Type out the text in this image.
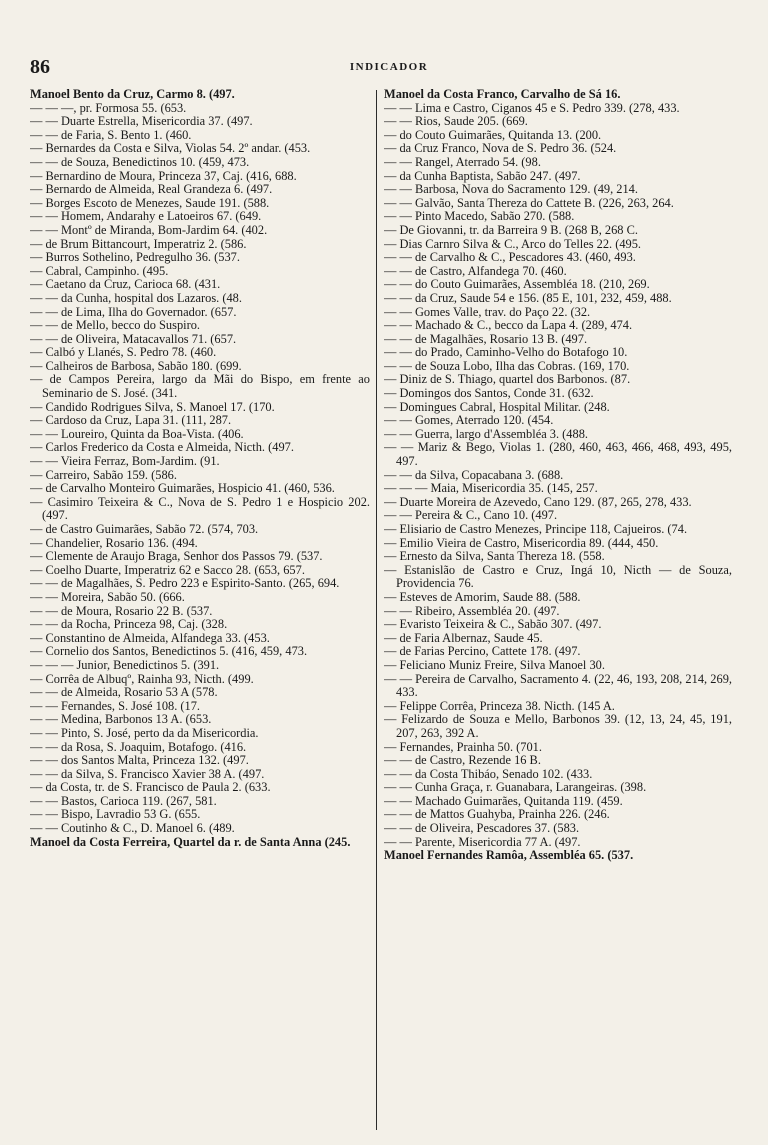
86	INDICADOR

Manoel Bento da Cruz, Carmo 8. (497.

— — —, pr. Formosa 55. (653.

— — Duarte Estrella, Misericordia 37. (497.

— — de Faria, S. Bento 1. (460.

— Bernardes da Costa e Silva, Violas 54. 2º andar. (453.

— — de Souza, Benedictinos 10. (459, 473.

— Bernardino de Moura, Princeza 37, Caj. (416, 688.

— Bernardo de Almeida, Real Grandeza 6. (497.

— Borges Escoto de Menezes, Saude 191. (588.

— — Homem, Andarahy e Latoeiros 67. (649.

— — Montº de Miranda, Bom-Jardim 64. (402.

— de Brum Bittancourt, Imperatriz 2. (586.

— Burros Sothelino, Pedregulho 36. (537.

— Cabral, Campinho. (495.

— Caetano da Cruz, Carioca 68. (431.

— — da Cunha, hospital dos Lazaros. (48.

— — de Lima, Ilha do Governador. (657.

— — de Mello, becco do Suspiro.

— — de Oliveira, Matacavallos 71. (657.

— Calbó y Llanés, S. Pedro 78. (460.

— Calheiros de Barbosa, Sabão 180. (699.

— de Campos Pereira, largo da Mãi do Bispo, em frente ao Seminario de S. José. (341.

— Candido Rodrigues Silva, S. Manoel 17. (170.

— Cardoso da Cruz, Lapa 31. (111, 287.

— — Loureiro, Quinta da Boa-Vista. (406.

— Carlos Frederico da Costa e Almeida, Nicth. (497.

— — Vieira Ferraz, Bom-Jardim. (91.

— Carreiro, Sabão 159. (586.

— de Carvalho Monteiro Guimarães, Hospicio 41. (460, 536.

— Casimiro Teixeira & C., Nova de S. Pedro 1 e Hospicio 202. (497.

— de Castro Guimarães, Sabão 72. (574, 703.

— Chandelier, Rosario 136. (494.

— Clemente de Araujo Braga, Senhor dos Passos 79. (537.

— Coelho Duarte, Imperatriz 62 e Sacco 28. (653, 657.

— — de Magalhães, S. Pedro 223 e Espirito-Santo. (265, 694.

— — Moreira, Sabão 50. (666.

— — de Moura, Rosario 22 B. (537.

— — da Rocha, Princeza 98, Caj. (328.

— Constantino de Almeida, Alfandega 33. (453.

— Cornelio dos Santos, Benedictinos 5. (416, 459, 473.

— — — Junior, Benedictinos 5. (391.

— Corrêa de Albuqº, Rainha 93, Nicth. (499.

— — de Almeida, Rosario 53 A (578.

— — Fernandes, S. José 108. (17.

— — Medina, Barbonos 13 A. (653.

— — Pinto, S. José, perto da da Misericordia.

— — da Rosa, S. Joaquim, Botafogo. (416.

— — dos Santos Malta, Princeza 132. (497.

— — da Silva, S. Francisco Xavier 38 A. (497.

— da Costa, tr. de S. Francisco de Paula 2. (633.

— — Bastos, Carioca 119. (267, 581.

— — Bispo, Lavradio 53 G. (655.

— — Coutinho & C., D. Manoel 6. (489.

Manoel da Costa Ferreira, Quartel da r. de Santa Anna (245.

Manoel da Costa Franco, Carvalho de Sá 16.

— — Lima e Castro, Ciganos 45 e S. Pedro 339. (278, 433.

— — Rios, Saude 205. (669.

— do Couto Guimarães, Quitanda 13. (200.

— da Cruz Franco, Nova de S. Pedro 36. (524.

— — Rangel, Aterrado 54. (98.

— da Cunha Baptista, Sabão 247. (497.

— — Barbosa, Nova do Sacramento 129. (49, 214.

— — Galvão, Santa Thereza do Cattete B. (226, 263, 264.

— — Pinto Macedo, Sabão 270. (588.

— De Giovanni, tr. da Barreira 9 B. (268 B, 268 C.

— Dias Carnro Silva & C., Arco do Telles 22. (495.

— — de Carvalho & C., Pescadores 43. (460, 493.

— — de Castro, Alfandega 70. (460.

— — do Couto Guimarães, Assembléa 18. (210, 269.

— — da Cruz, Saude 54 e 156. (85 E, 101, 232, 459, 488.

— — Gomes Valle, trav. do Paço 22. (32.

— — Machado & C., becco da Lapa 4. (289, 474.

— — de Magalhães, Rosario 13 B. (497.

— — do Prado, Caminho-Velho do Botafogo 10.

— — de Souza Lobo, Ilha das Cobras. (169, 170.

— Diniz de S. Thiago, quartel dos Barbonos. (87.

— Domingos dos Santos, Conde 31. (632.

— Domingues Cabral, Hospital Militar. (248.

— — Gomes, Aterrado 120. (454.

— — Guerra, largo d'Assembléa 3. (488.

— — Mariz & Bego, Violas 1. (280, 460, 463, 466, 468, 493, 495, 497.

— — da Silva, Copacabana 3. (688.

— — — Maia, Misericordia 35. (145, 257.

— Duarte Moreira de Azevedo, Cano 129. (87, 265, 278, 433.

— — Pereira & C., Cano 10. (497.

— Elisiario de Castro Menezes, Principe 118, Cajueiros. (74.

— Emilio Vieira de Castro, Misericordia 89. (444, 450.

— Ernesto da Silva, Santa Thereza 18. (558.

— Estanislão de Castro e Cruz, Ingá 10, Nicth — de Souza, Providencia 76.

— Esteves de Amorim, Saude 88. (588.

— — Ribeiro, Assembléa 20. (497.

— Evaristo Teixeira & C., Sabão 307. (497.

— de Faria Albernaz, Saude 45.

— de Farias Percino, Cattete 178. (497.

— Feliciano Muniz Freire, Silva Manoel 30.

— — Pereira de Carvalho, Sacramento 4. (22, 46, 193, 208, 214, 269, 433.

— Felippe Corrêa, Princeza 38. Nicth. (145 A.

— Felizardo de Souza e Mello, Barbonos 39. (12, 13, 24, 45, 191, 207, 263, 392 A.

— Fernandes, Prainha 50. (701.

— — de Castro, Rezende 16 B.

— — da Costa Thibáo, Senado 102. (433.

— — Cunha Graça, r. Guanabara, Larangeiras. (398.

— — Machado Guimarães, Quitanda 119. (459.

— — de Mattos Guahyba, Prainha 226. (246.

— — de Oliveira, Pescadores 37. (583.

— — Parente, Misericordia 77 A. (497.

Manoel Fernandes Ramôa, Assembléa 65. (537.
